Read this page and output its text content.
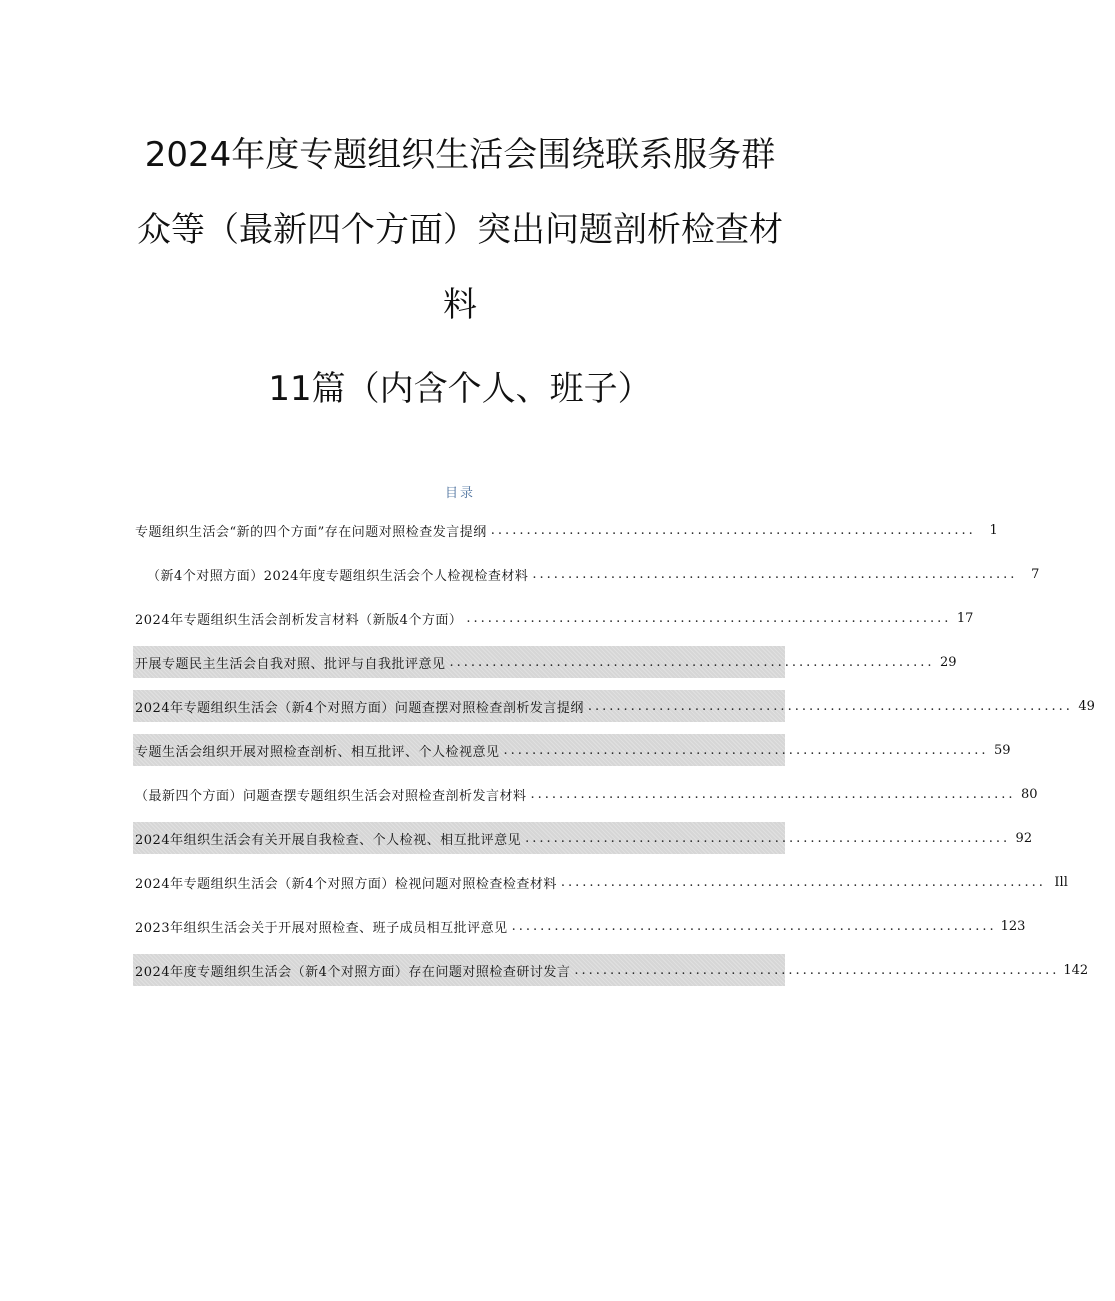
2024年度专题组织生活会围绕联系服务群
众等（最新四个方面）突出问题剖析检查材
料
11篇（内含个人、班子）
目录
专题组织生活会“新的四个方面”存在问题对照检查发言提纲 ....................................................................	1
（新4个对照方面）2024年度专题组织生活会个人检视检查材料 ....................................................................	7
2024年专题组织生活会剖析发言材料（新版4个方面） .................................................................... 17
开展专题民主生活会自我对照、批评与自我批评意见 .................................................................... 29
2024年专题组织生活会（新4个对照方面）问题查摆对照检查剖析发言提纲 .................................................................... 49
专题生活会组织开展对照检查剖析、相互批评、个人检视意见 .................................................................... 59
（最新四个方面）问题查摆专题组织生活会对照检查剖析发言材料 .................................................................... 80
2024年组织生活会有关开展自我检查、个人检视、相互批评意见 .................................................................... 92
2024年专题组织生活会（新4个对照方面）检视问题对照检查检查材料 .................................................................... Ill
2023年组织生活会关于开展对照检查、班子成员相互批评意见 .................................................................... 123
2024年度专题组织生活会（新4个对照方面）存在问题对照检查研讨发言 .................................................................... 142
